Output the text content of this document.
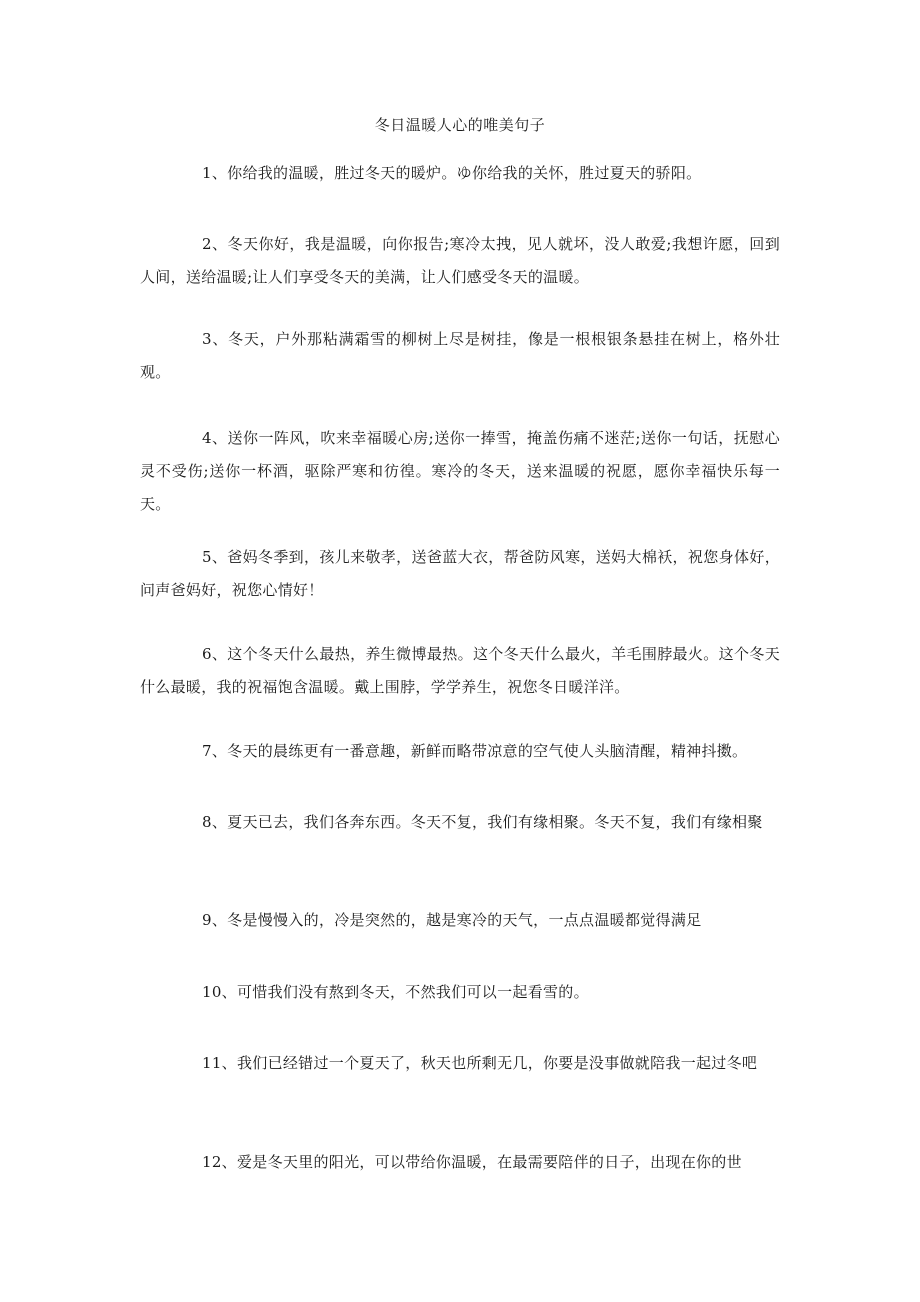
冬日温暖人心的唯美句子
1、你给我的温暖，胜过冬天的暖炉。ゆ你给我的关怀，胜过夏天的骄阳。
2、冬天你好，我是温暖，向你报告;寒冷太拽，见人就坏，没人敢爱;我想许愿，回到人间，送给温暖;让人们享受冬天的美满，让人们感受冬天的温暖。
3、冬天，户外那粘满霜雪的柳树上尽是树挂，像是一根根银条悬挂在树上，格外壮观。
4、送你一阵风，吹来幸福暖心房;送你一捧雪，掩盖伤痛不迷茫;送你一句话，抚慰心灵不受伤;送你一杯酒，驱除严寒和彷徨。寒冷的冬天，送来温暖的祝愿，愿你幸福快乐每一天。
5、爸妈冬季到，孩儿来敬孝，送爸蓝大衣，帮爸防风寒，送妈大棉袄，祝您身体好，问声爸妈好，祝您心情好！
6、这个冬天什么最热，养生微博最热。这个冬天什么最火，羊毛围脖最火。这个冬天什么最暖，我的祝福饱含温暖。戴上围脖，学学养生，祝您冬日暖洋洋。
7、冬天的晨练更有一番意趣，新鲜而略带凉意的空气使人头脑清醒，精神抖擞。
8、夏天已去，我们各奔东西。冬天不复，我们有缘相聚。冬天不复，我们有缘相聚
9、冬是慢慢入的，冷是突然的，越是寒冷的天气，一点点温暖都觉得满足
10、可惜我们没有熬到冬天，不然我们可以一起看雪的。
11、我们已经错过一个夏天了，秋天也所剩无几，你要是没事做就陪我一起过冬吧
12、爱是冬天里的阳光，可以带给你温暖，在最需要陪伴的日子，出现在你的世
